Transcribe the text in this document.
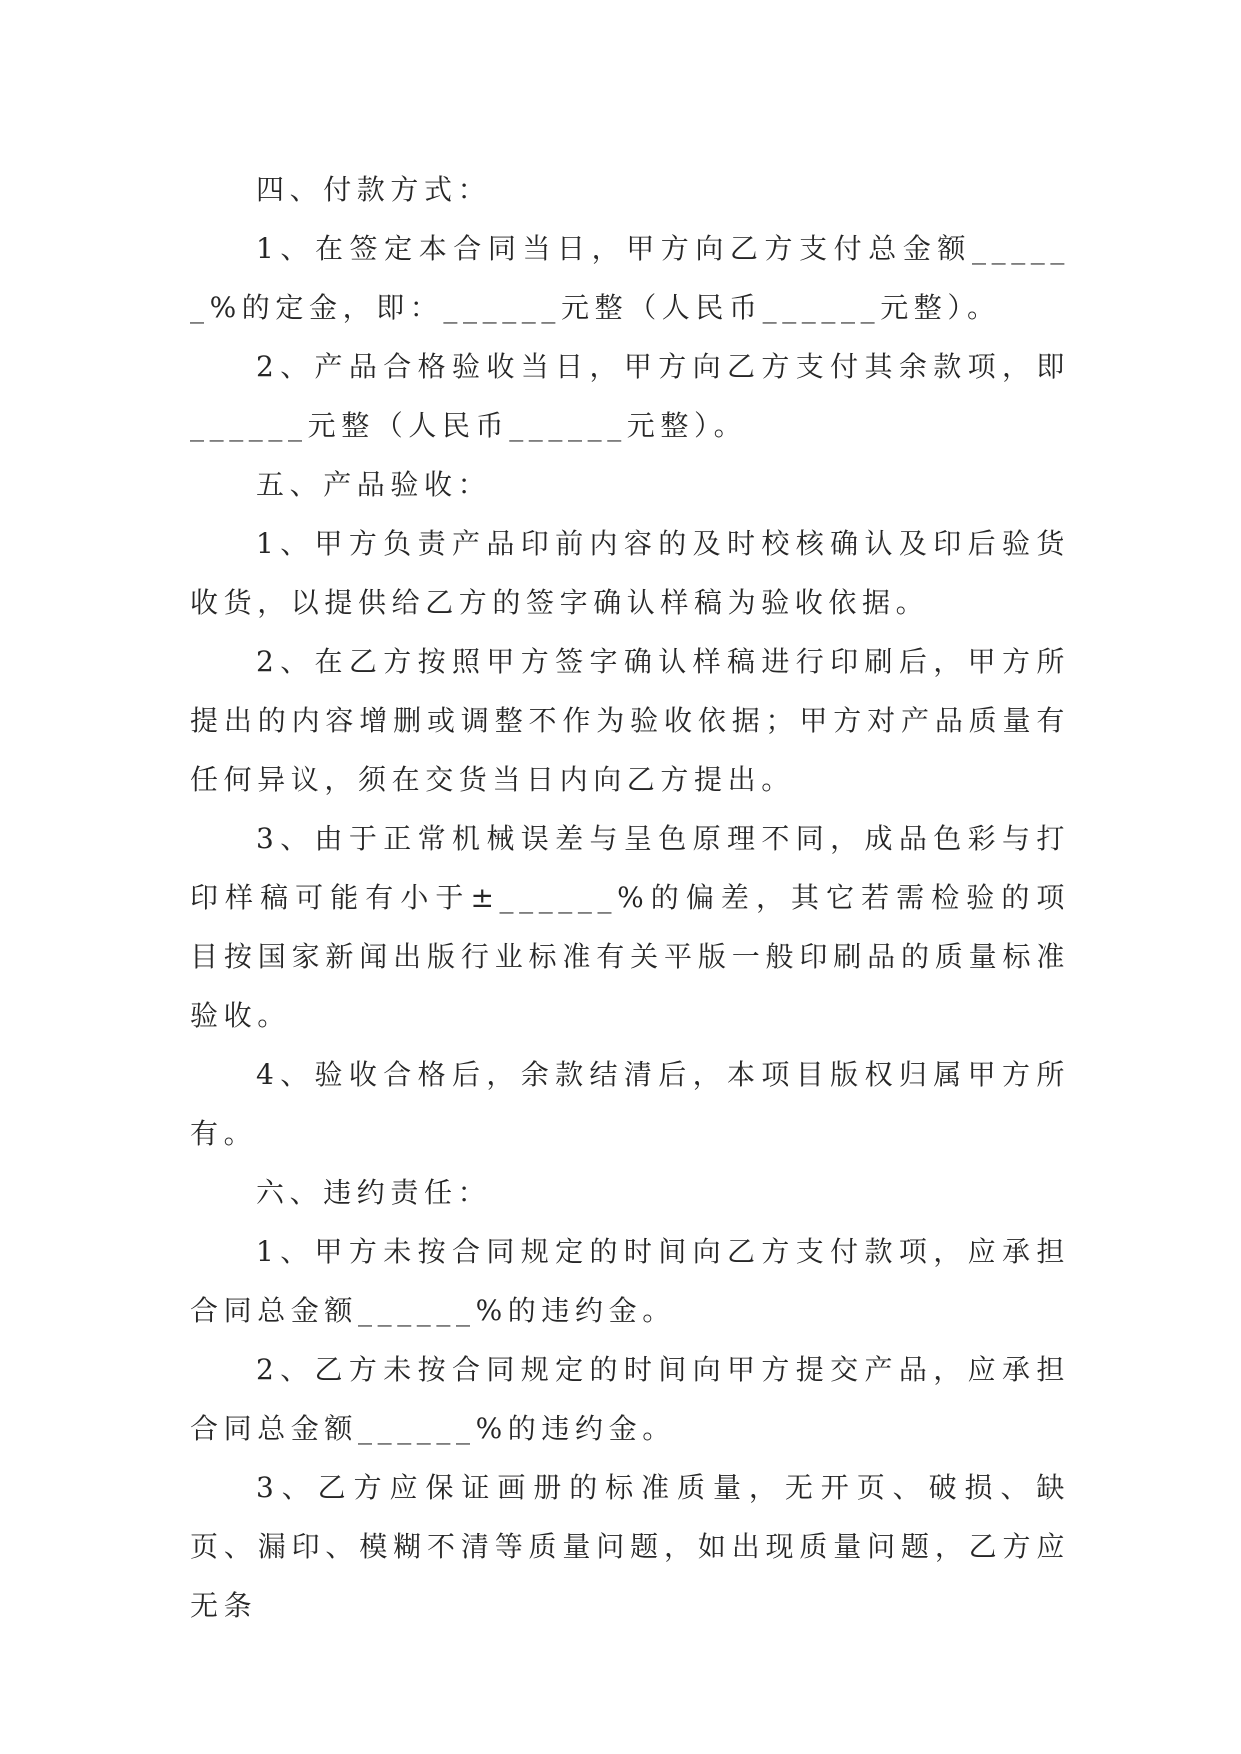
四、付款方式：

1、在签定本合同当日，甲方向乙方支付总金额______%的定金，即：______元整（人民币______元整）。

2、产品合格验收当日，甲方向乙方支付其余款项，即______元整（人民币______元整）。

五、产品验收：

1、甲方负责产品印前内容的及时校核确认及印后验货收货，以提供给乙方的签字确认样稿为验收依据。

2、在乙方按照甲方签字确认样稿进行印刷后，甲方所提出的内容增删或调整不作为验收依据；甲方对产品质量有任何异议，须在交货当日内向乙方提出。

3、由于正常机械误差与呈色原理不同，成品色彩与打印样稿可能有小于±______%的偏差，其它若需检验的项目按国家新闻出版行业标准有关平版一般印刷品的质量标准验收。

4、验收合格后，余款结清后，本项目版权归属甲方所有。

六、违约责任：

1、甲方未按合同规定的时间向乙方支付款项，应承担合同总金额______%的违约金。

2、乙方未按合同规定的时间向甲方提交产品，应承担合同总金额______%的违约金。

3、乙方应保证画册的标准质量，无开页、破损、缺页、漏印、模糊不清等质量问题，如出现质量问题，乙方应无条
